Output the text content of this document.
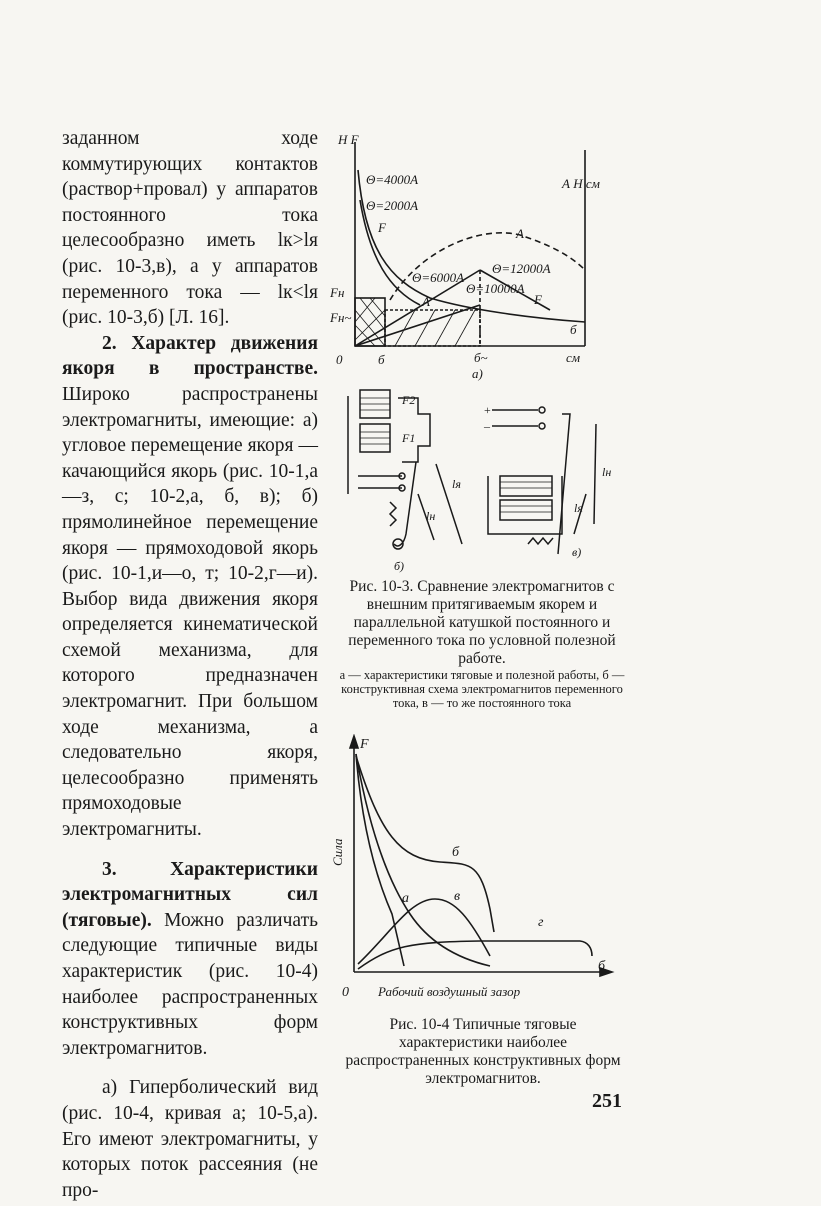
заданном ходе коммутирующих контактов (раствор+провал) у аппаратов постоянного тока целесообразно иметь lк>lя (рис. 10-3,в), а у аппаратов переменного тока — lк<lя (рис. 10-3,б) [Л. 16].

2. Характер движения якоря в пространстве. Широко распространены электромагниты, имеющие: а) угловое перемещение якоря — качающийся якорь (рис. 10-1,а—з, с; 10-2,а, б, в); б) прямолинейное перемещение якоря — прямоходовой якорь (рис. 10-1,и—о, т; 10-2,г—и). Выбор вида движения якоря определяется кинематической схемой механизма, для которого предназначен электромагнит. При большом ходе механизма, а следовательно якоря, целесообразно применять прямоходовые электромагниты.

3. Характеристики электромагнитных сил (тяговые). Можно различать следующие типичные виды характеристик (рис. 10-4) наиболее распространенных конструктивных форм электромагнитов.

а) Гиперболический вид (рис. 10-4, кривая а; 10-5,а). Его имеют электромагниты, у которых поток рассеяния (не про-

H F
Θ=4000А
Θ=2000А
F
Θ=6000А
Θ=12000А
Θ=10000А
А
А Н см
Fн
Fн~
А	F
б
0	б	б~	см
а)
F2
F1
lя
lн
б)
+
–
lн
lя
в)
Рис. 10-3. Сравнение электромагнитов с внешним притягиваемым якорем и параллельной катушкой постоянного и переменного тока по условной полезной работе.
а — характеристики тяговые и полезной работы, б — конструктивная схема электромагнитов переменного тока, в — то же постоянного тока
F
Сила	б
а	в
г
б
0 Рабочий воздушный зазор
Рис. 10-4 Типичные тяговые характеристики наиболее распространенных конструктивных форм электромагнитов.
251
